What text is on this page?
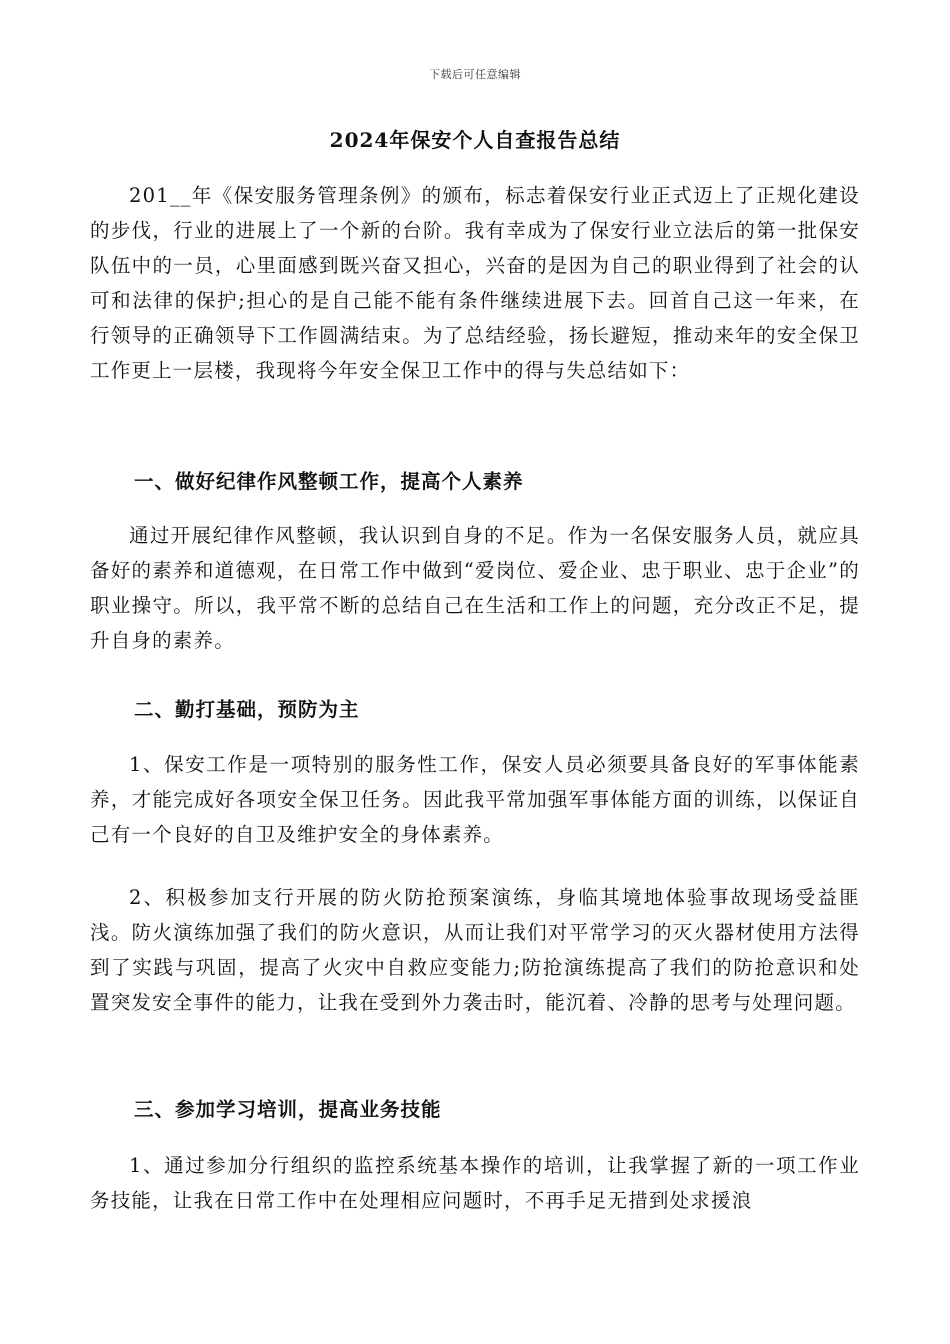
下载后可任意编辑
2024年保安个人自查报告总结

201__年《保安服务管理条例》的颁布，标志着保安行业正式迈上了正规化建设的步伐，行业的进展上了一个新的台阶。我有幸成为了保安行业立法后的第一批保安队伍中的一员，心里面感到既兴奋又担心，兴奋的是因为自己的职业得到了社会的认可和法律的保护;担心的是自己能不能有条件继续进展下去。回首自己这一年来，在行领导的正确领导下工作圆满结束。为了总结经验，扬长避短，推动来年的安全保卫工作更上一层楼，我现将今年安全保卫工作中的得与失总结如下：

一、做好纪律作风整顿工作，提高个人素养

通过开展纪律作风整顿，我认识到自身的不足。作为一名保安服务人员，就应具备好的素养和道德观，在日常工作中做到“爱岗位、爱企业、忠于职业、忠于企业”的职业操守。所以，我平常不断的总结自己在生活和工作上的问题，充分改正不足，提升自身的素养。

二、勤打基础，预防为主

1、保安工作是一项特别的服务性工作，保安人员必须要具备良好的军事体能素养，才能完成好各项安全保卫任务。因此我平常加强军事体能方面的训练，以保证自己有一个良好的自卫及维护安全的身体素养。

2、积极参加支行开展的防火防抢预案演练，身临其境地体验事故现场受益匪浅。防火演练加强了我们的防火意识，从而让我们对平常学习的灭火器材使用方法得到了实践与巩固，提高了火灾中自救应变能力;防抢演练提高了我们的防抢意识和处置突发安全事件的能力，让我在受到外力袭击时，能沉着、冷静的思考与处理问题。

三、参加学习培训，提高业务技能

1、通过参加分行组织的监控系统基本操作的培训，让我掌握了新的一项工作业务技能，让我在日常工作中在处理相应问题时，不再手足无措到处求援浪
